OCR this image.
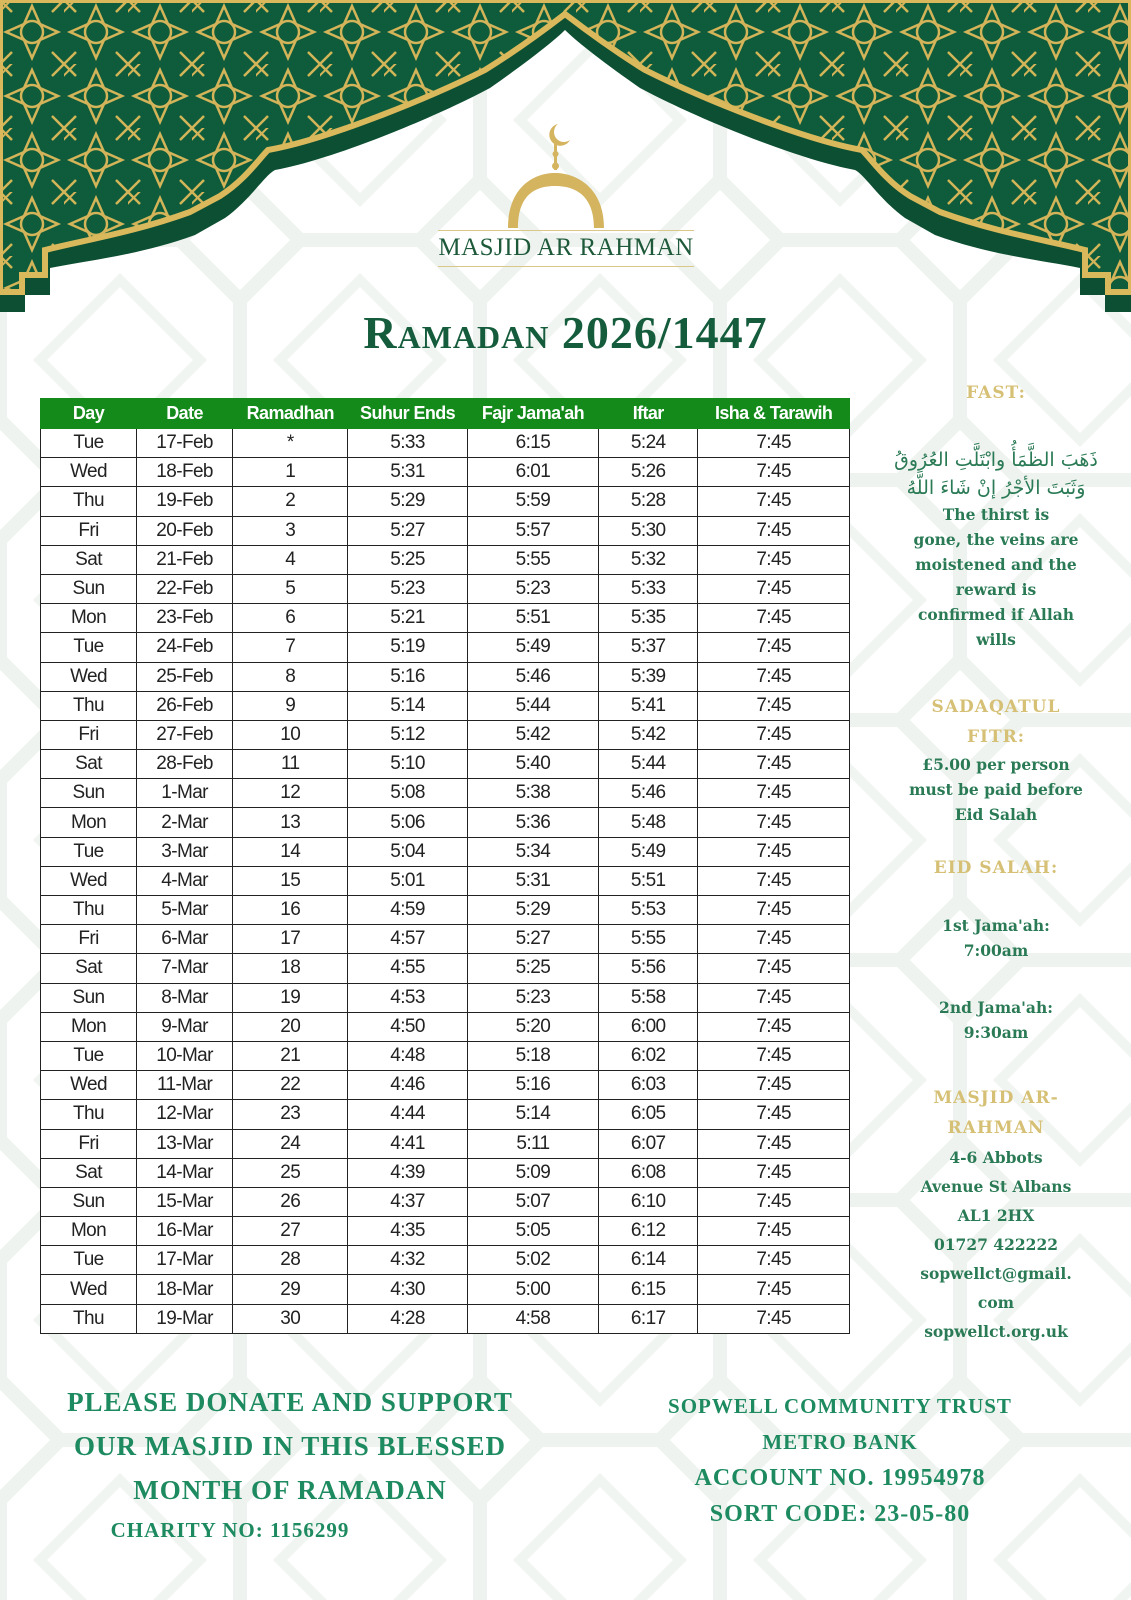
MASJID AR RAHMAN
Ramadan 2026/1447
Day	Date	Ramadhan	Suhur Ends	Fajr Jama'ah	Iftar	Isha & Tarawih
Tue	17-Feb	*	5:33	6:15	5:24	7:45
Wed	18-Feb	1	5:31	6:01	5:26	7:45
Thu	19-Feb	2	5:29	5:59	5:28	7:45
Fri	20-Feb	3	5:27	5:57	5:30	7:45
Sat	21-Feb	4	5:25	5:55	5:32	7:45
Sun	22-Feb	5	5:23	5:23	5:33	7:45
Mon	23-Feb	6	5:21	5:51	5:35	7:45
Tue	24-Feb	7	5:19	5:49	5:37	7:45
Wed	25-Feb	8	5:16	5:46	5:39	7:45
Thu	26-Feb	9	5:14	5:44	5:41	7:45
Fri	27-Feb	10	5:12	5:42	5:42	7:45
Sat	28-Feb	11	5:10	5:40	5:44	7:45
Sun	1-Mar	12	5:08	5:38	5:46	7:45
Mon	2-Mar	13	5:06	5:36	5:48	7:45
Tue	3-Mar	14	5:04	5:34	5:49	7:45
Wed	4-Mar	15	5:01	5:31	5:51	7:45
Thu	5-Mar	16	4:59	5:29	5:53	7:45
Fri	6-Mar	17	4:57	5:27	5:55	7:45
Sat	7-Mar	18	4:55	5:25	5:56	7:45
Sun	8-Mar	19	4:53	5:23	5:58	7:45
Mon	9-Mar	20	4:50	5:20	6:00	7:45
Tue	10-Mar	21	4:48	5:18	6:02	7:45
Wed	11-Mar	22	4:46	5:16	6:03	7:45
Thu	12-Mar	23	4:44	5:14	6:05	7:45
Fri	13-Mar	24	4:41	5:11	6:07	7:45
Sat	14-Mar	25	4:39	5:09	6:08	7:45
Sun	15-Mar	26	4:37	5:07	6:10	7:45
Mon	16-Mar	27	4:35	5:05	6:12	7:45
Tue	17-Mar	28	4:32	5:02	6:14	7:45
Wed	18-Mar	29	4:30	5:00	6:15	7:45
Thu	19-Mar	30	4:28	4:58	6:17	7:45
FAST:
ذَهَبَ الظَّمَأُ وابْتَلَّتِ العُرُوقُ وَثَبَتَ الأجْرُ إنْ شَاءَ اللَّهُ
The thirst is
gone, the veins are
moistened and the
reward is
confirmed if Allah
wills
SADAQATUL
FITR:
£5.00 per person
must be paid before
Eid Salah
EID SALAH:
1st Jama'ah:
7:00am
2nd Jama'ah:
9:30am
MASJID AR-
RAHMAN
4-6 Abbots
Avenue St Albans
AL1 2HX
01727 422222
sopwellct@gmail.
com
sopwellct.org.uk
PLEASE DONATE AND SUPPORT
OUR MASJID IN THIS BLESSED
MONTH OF RAMADAN
CHARITY NO: 1156299
SOPWELL COMMUNITY TRUST
METRO BANK
ACCOUNT NO. 19954978
SORT CODE: 23-05-80
